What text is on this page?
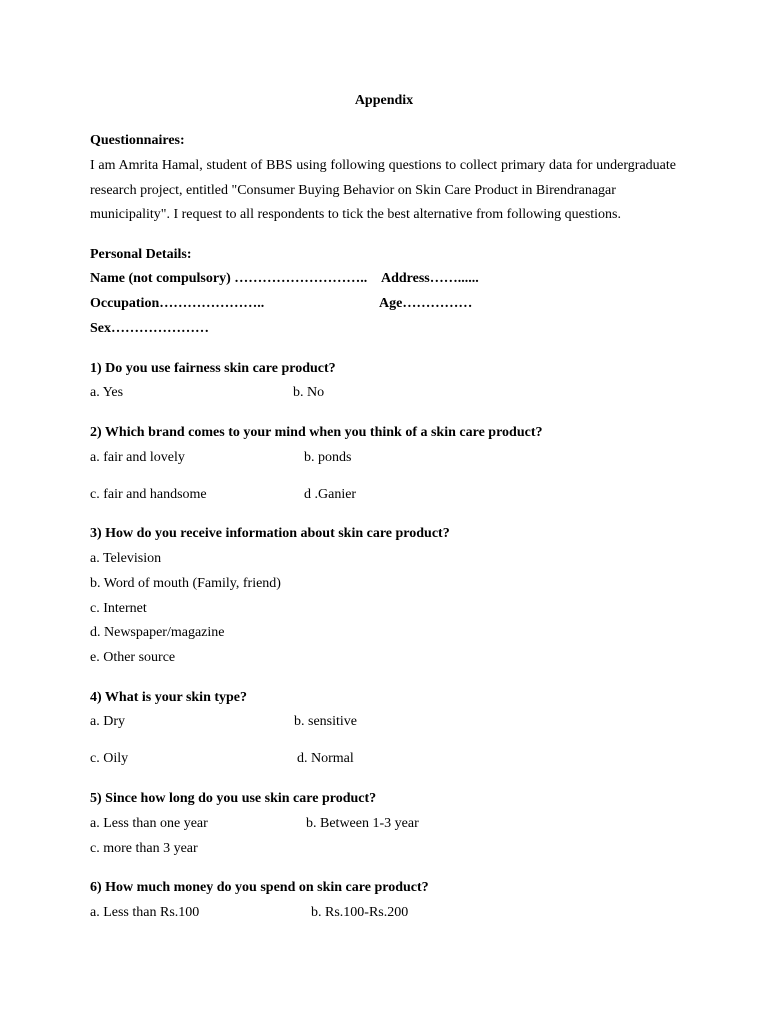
Appendix
Questionnaires:
I am Amrita Hamal, student of BBS using following questions to collect primary data for undergraduate research project, entitled "Consumer Buying Behavior on Skin Care Product in Birendranagar
municipality". I request to all respondents to tick the best alternative from following questions.
Personal Details:
Name (not compulsory) ……………………….. Address……......
Occupation…………………..	Age……………
Sex…………………
1) Do you use fairness skin care product?
a. Yes	b. No
2) Which brand comes to your mind when you think of a skin care product?
a. fair and lovely	b. ponds
c. fair and handsome	d .Ganier
3) How do you receive information about skin care product?
a. Television
b. Word of mouth (Family, friend)
c. Internet
d. Newspaper/magazine
e. Other source
4) What is your skin type?
a. Dry	b. sensitive
c. Oily	d. Normal
5) Since how long do you use skin care product?
a. Less than one year	b. Between 1-3 year
c. more than 3 year
6) How much money do you spend on skin care product?
a. Less than Rs.100	b. Rs.100-Rs.200
